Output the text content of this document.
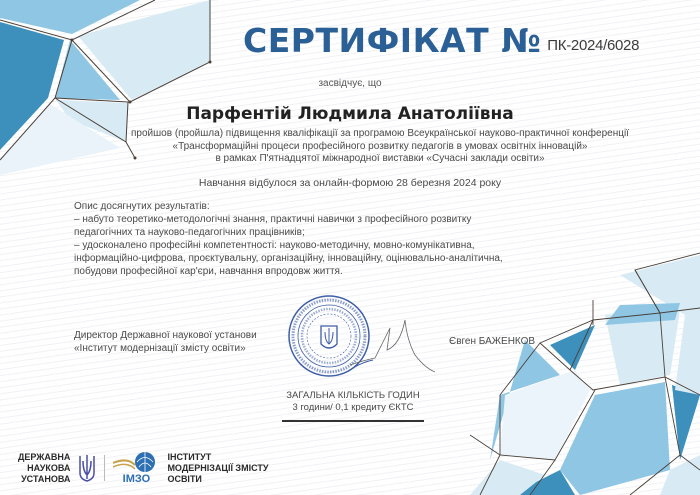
СЕРТИФІКАТ № ПК-2024/6028
засвідчує, що
Парфентій Людмила Анатоліївна
пройшов (пройшла) підвищення кваліфікації за програмою Всеукраїнської науково-практичної конференції
«Трансформаційні процеси професійного розвитку педагогів в умовах освітніх інновацій»
в рамках П'ятнадцятої міжнародної виставки «Сучасні заклади освіти»
Навчання відбулося за онлайн-формою 28 березня 2024 року
Опис досягнутих результатів:
– набуто теоретико-методологічні знання, практичні навички з професійного розвитку
педагогічних та науково-педагогічних працівників;
– удосконалено професійні компетентності: науково-методичну, мовно-комунікативна,
інформаційно-цифрова, проєктувальну, організаційну, інноваційну, оцінювально-аналітична,
побудови професійної кар'єри, навчання впродовж життя.
Директор Державної наукової установи
«Інститут модернізації змісту освіти»
Євген БАЖЕНКОВ
ЗАГАЛЬНА КІЛЬКІСТЬ ГОДИН
3 години/ 0,1 кредиту ЄКТС
ДЕРЖАВНА
НАУКОВА
УСТАНОВА	ІМЗО
ІНСТИТУТ
МОДЕРНІЗАЦІЇ ЗМІСТУ
ОСВІТИ
